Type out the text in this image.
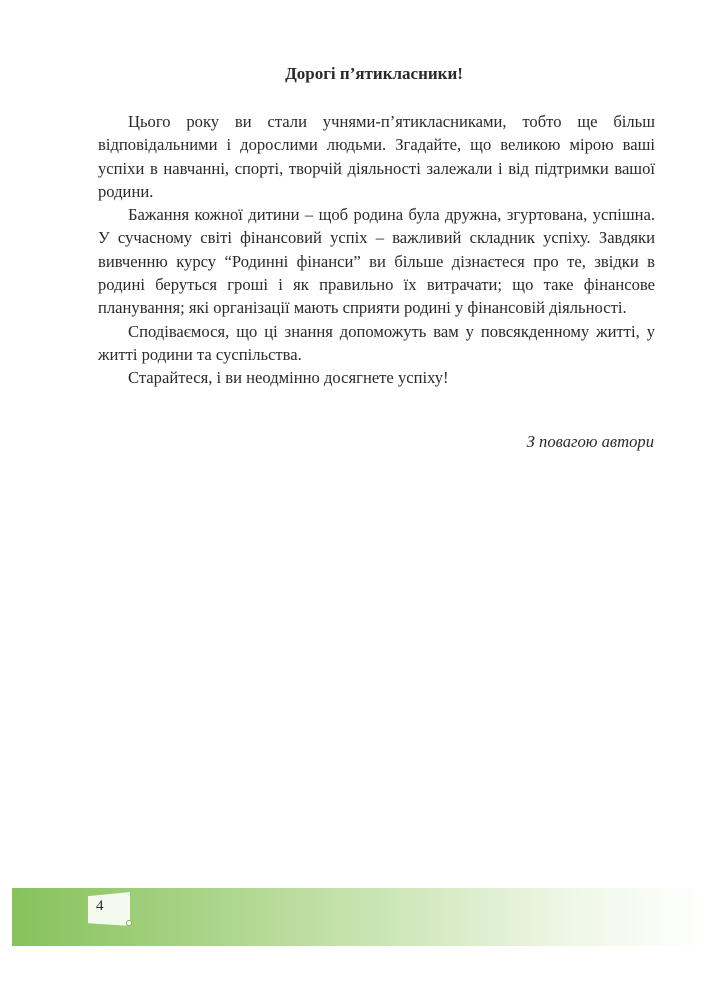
Дорогі п’ятикласники!

Цього року ви стали учнями-п’ятикласниками, тобто ще більш відповідальними і дорослими людьми. Згадайте, що великою мірою ваші успіхи в навчанні, спорті, творчій діяльності залежали і від підтримки вашої родини.

Бажання кожної дитини – щоб родина була дружна, згуртована, успішна. У сучасному світі фінансовий успіх – важливий складник успіху. Завдяки вивченню курсу “Родинні фінанси” ви більше дізнаєтеся про те, звідки в родині беруться гроші і як правильно їх витрачати; що таке фінансове планування; які організації мають сприяти родині у фінансовій діяльності.

Сподіваємося, що ці знання допоможуть вам у повсякденному житті, у житті родини та суспільства.

Старайтеся, і ви неодмінно досягнете успіху!

З повагою автори

4
